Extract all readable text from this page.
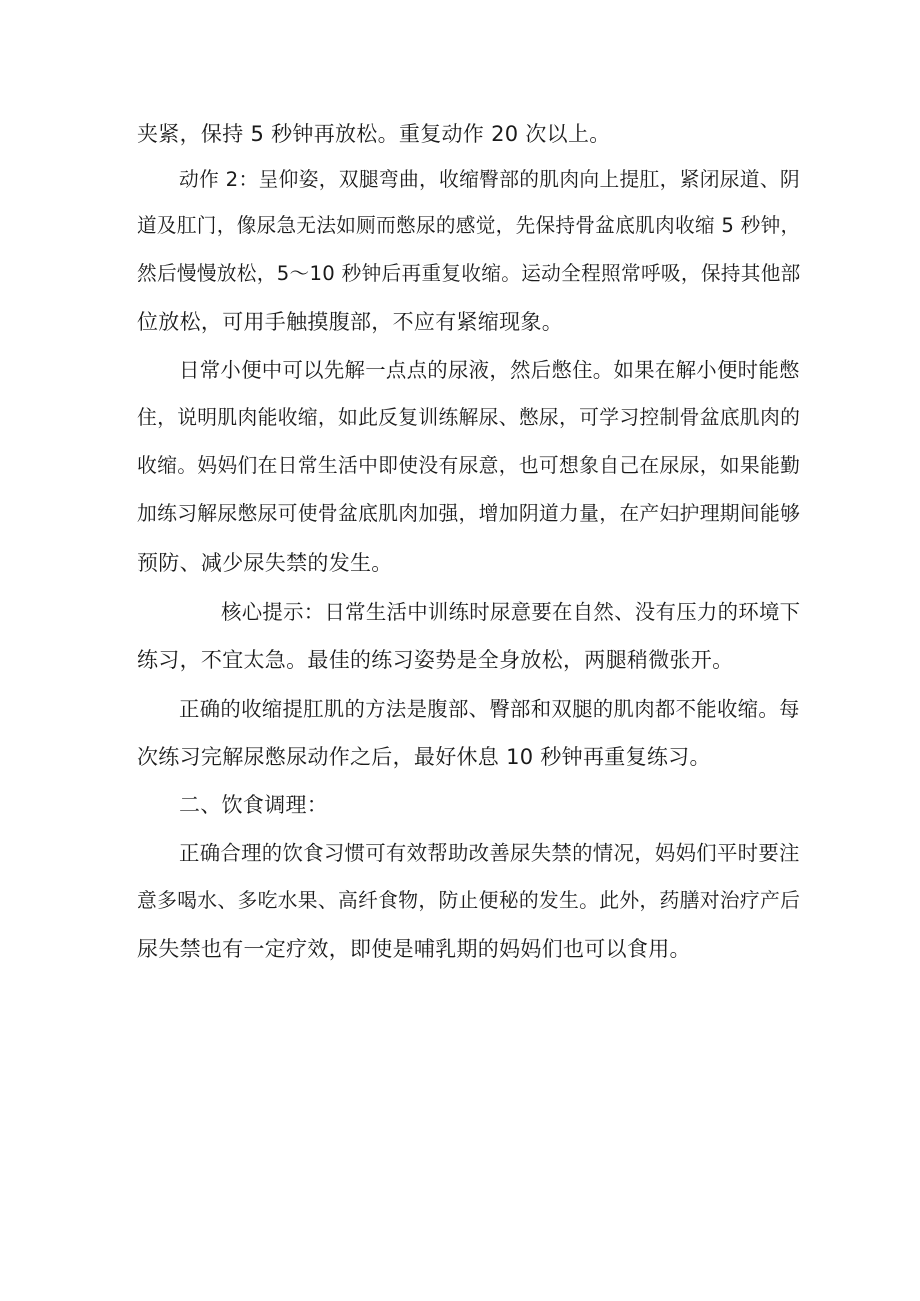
夹紧，保持 5 秒钟再放松。重复动作 20 次以上。
动作 2：呈仰姿，双腿弯曲，收缩臀部的肌肉向上提肛，紧闭尿道、阴
道及肛门，像尿急无法如厕而憋尿的感觉，先保持骨盆底肌肉收缩 5 秒钟，
然后慢慢放松，5～10 秒钟后再重复收缩。运动全程照常呼吸，保持其他部
位放松，可用手触摸腹部，不应有紧缩现象。
日常小便中可以先解一点点的尿液，然后憋住。如果在解小便时能憋
住，说明肌肉能收缩，如此反复训练解尿、憋尿，可学习控制骨盆底肌肉的
收缩。妈妈们在日常生活中即使没有尿意，也可想象自己在尿尿，如果能勤
加练习解尿憋尿可使骨盆底肌肉加强，增加阴道力量，在产妇护理期间能够
预防、减少尿失禁的发生。
核心提示：日常生活中训练时尿意要在自然、没有压力的环境下
练习，不宜太急。最佳的练习姿势是全身放松，两腿稍微张开。
正确的收缩提肛肌的方法是腹部、臀部和双腿的肌肉都不能收缩。每
次练习完解尿憋尿动作之后，最好休息 10 秒钟再重复练习。
二、饮食调理：
正确合理的饮食习惯可有效帮助改善尿失禁的情况，妈妈们平时要注
意多喝水、多吃水果、高纤食物，防止便秘的发生。此外，药膳对治疗产后
尿失禁也有一定疗效，即使是哺乳期的妈妈们也可以食用。
